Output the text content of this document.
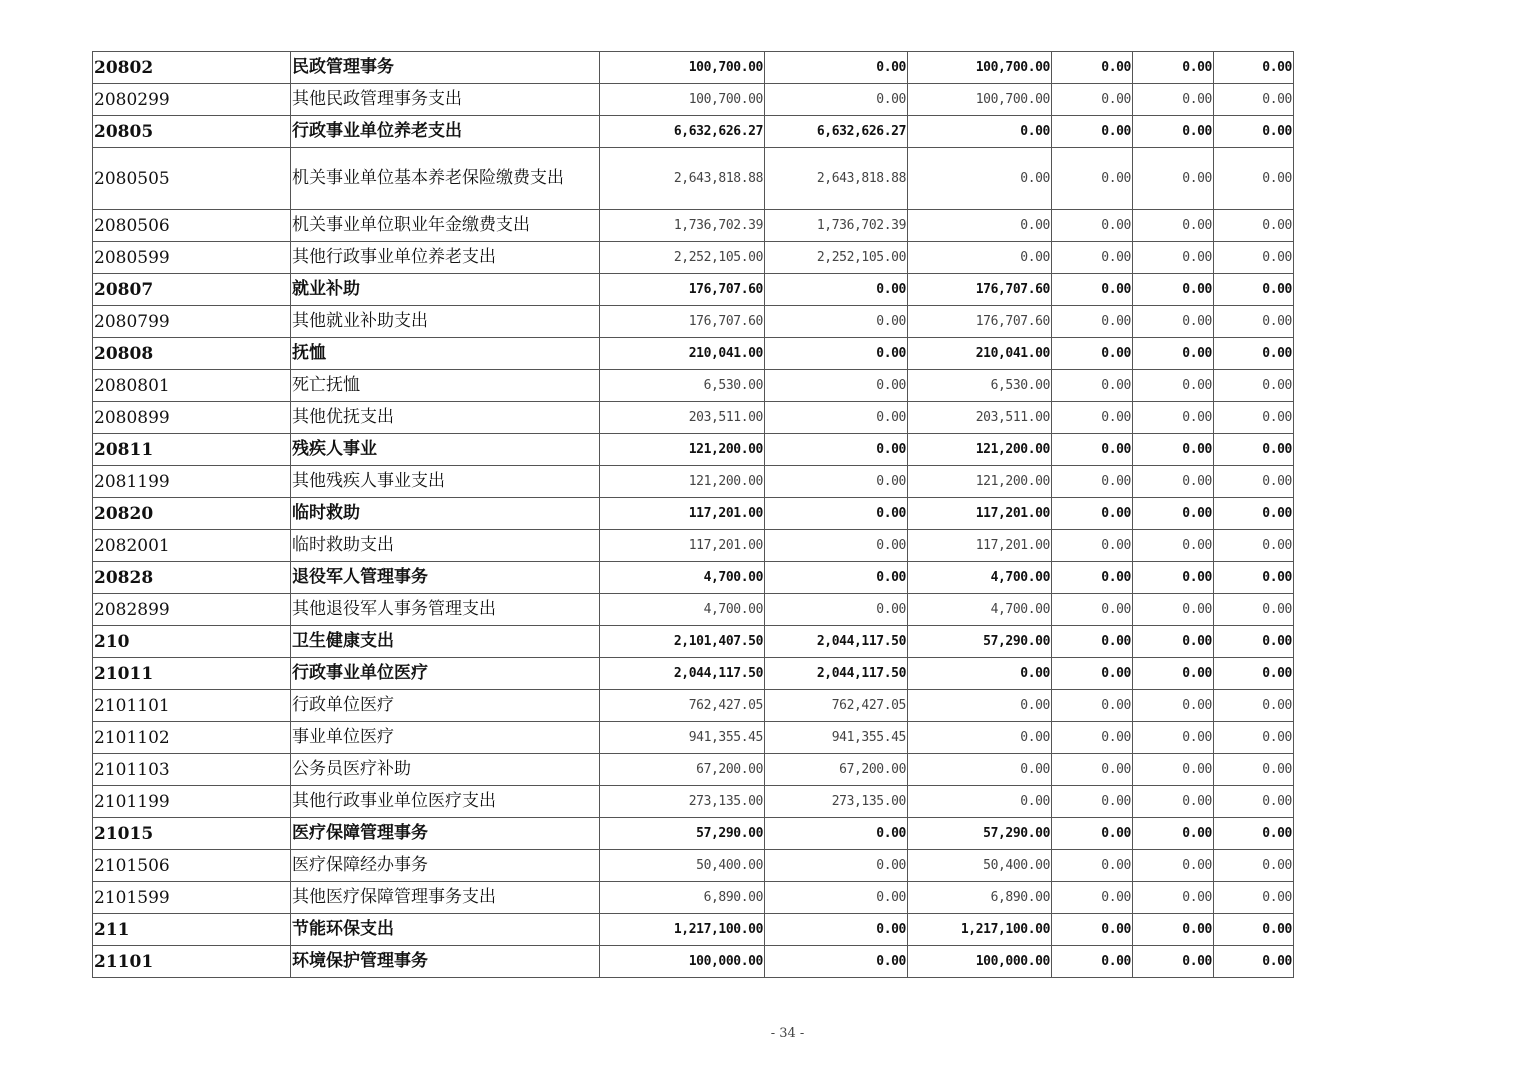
20802	民政管理事务	100,700.00	0.00	100,700.00	0.00	0.00	0.00
2080299	其他民政管理事务支出	100,700.00	0.00	100,700.00	0.00	0.00	0.00
20805	行政事业单位养老支出	6,632,626.27	6,632,626.27	0.00	0.00	0.00	0.00
2080505	机关事业单位基本养老保险缴费支出	2,643,818.88	2,643,818.88	0.00	0.00	0.00	0.00
2080506	机关事业单位职业年金缴费支出	1,736,702.39	1,736,702.39	0.00	0.00	0.00	0.00
2080599	其他行政事业单位养老支出	2,252,105.00	2,252,105.00	0.00	0.00	0.00	0.00
20807	就业补助	176,707.60	0.00	176,707.60	0.00	0.00	0.00
2080799	其他就业补助支出	176,707.60	0.00	176,707.60	0.00	0.00	0.00
20808	抚恤	210,041.00	0.00	210,041.00	0.00	0.00	0.00
2080801	死亡抚恤	6,530.00	0.00	6,530.00	0.00	0.00	0.00
2080899	其他优抚支出	203,511.00	0.00	203,511.00	0.00	0.00	0.00
20811	残疾人事业	121,200.00	0.00	121,200.00	0.00	0.00	0.00
2081199	其他残疾人事业支出	121,200.00	0.00	121,200.00	0.00	0.00	0.00
20820	临时救助	117,201.00	0.00	117,201.00	0.00	0.00	0.00
2082001	临时救助支出	117,201.00	0.00	117,201.00	0.00	0.00	0.00
20828	退役军人管理事务	4,700.00	0.00	4,700.00	0.00	0.00	0.00
2082899	其他退役军人事务管理支出	4,700.00	0.00	4,700.00	0.00	0.00	0.00
210	卫生健康支出	2,101,407.50	2,044,117.50	57,290.00	0.00	0.00	0.00
21011	行政事业单位医疗	2,044,117.50	2,044,117.50	0.00	0.00	0.00	0.00
2101101	行政单位医疗	762,427.05	762,427.05	0.00	0.00	0.00	0.00
2101102	事业单位医疗	941,355.45	941,355.45	0.00	0.00	0.00	0.00
2101103	公务员医疗补助	67,200.00	67,200.00	0.00	0.00	0.00	0.00
2101199	其他行政事业单位医疗支出	273,135.00	273,135.00	0.00	0.00	0.00	0.00
21015	医疗保障管理事务	57,290.00	0.00	57,290.00	0.00	0.00	0.00
2101506	医疗保障经办事务	50,400.00	0.00	50,400.00	0.00	0.00	0.00
2101599	其他医疗保障管理事务支出	6,890.00	0.00	6,890.00	0.00	0.00	0.00
211	节能环保支出	1,217,100.00	0.00	1,217,100.00	0.00	0.00	0.00
21101	环境保护管理事务	100,000.00	0.00	100,000.00	0.00	0.00	0.00
- 34 -
